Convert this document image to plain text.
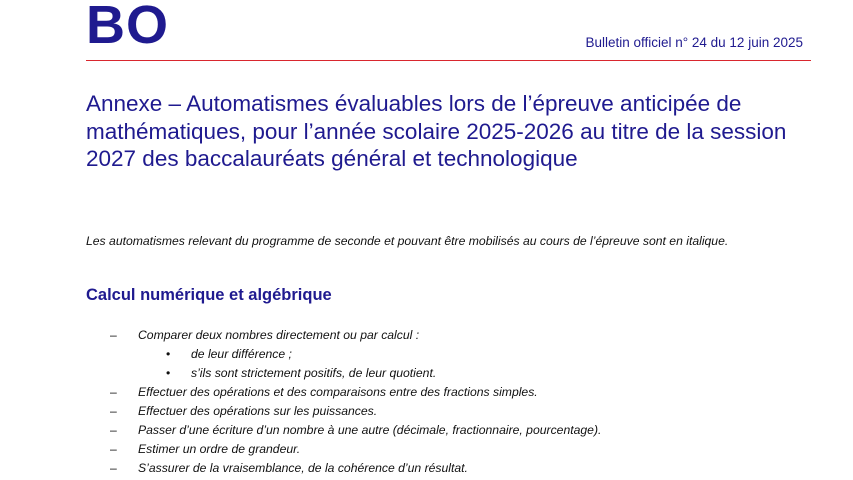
BO	Bulletin officiel n° 24 du 12 juin 2025
Annexe – Automatismes évaluables lors de l’épreuve anticipée de mathématiques, pour l’année scolaire 2025-2026 au titre de la session 2027 des baccalauréats général et technologique
Les automatismes relevant du programme de seconde et pouvant être mobilisés au cours de l’épreuve sont en italique.
Calcul numérique et algébrique
– Comparer deux nombres directement ou par calcul :
• de leur différence ;
• s’ils sont strictement positifs, de leur quotient.
– Effectuer des opérations et des comparaisons entre des fractions simples.
– Effectuer des opérations sur les puissances.
– Passer d’une écriture d’un nombre à une autre (décimale, fractionnaire, pourcentage).
– Estimer un ordre de grandeur.
– S’assurer de la vraisemblance, de la cohérence d’un résultat.
